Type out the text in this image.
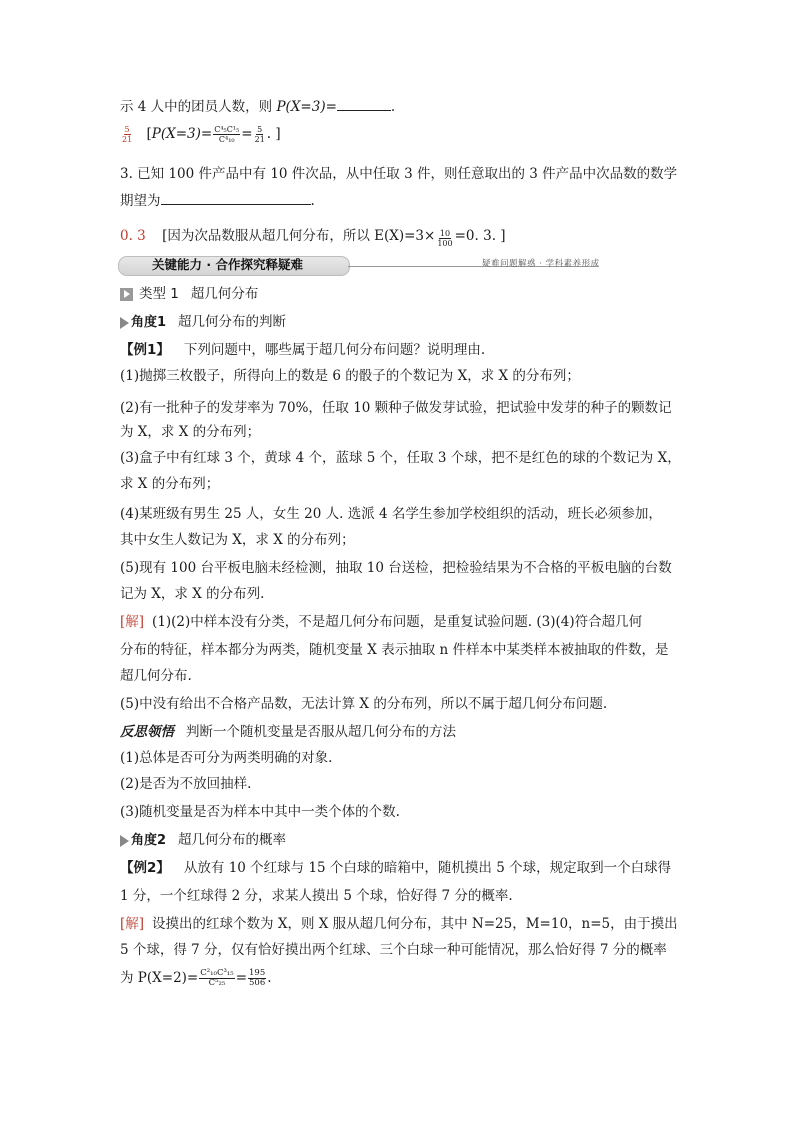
示 4 人中的团员人数，则 P(X=3)=	.
$\frac{5}{21} [P(X=3)= \frac{\text{C⁴₅C¹₅}}{\text{C⁴₁₀}} = \frac{5}{21}$ . ]
3. 已知 100 件产品中有 10 件次品，从中任取 3 件，则任意取出的 3 件产品中次品数的数学
期望为	.
0. 3 [因为次品数服从超几何分布，所以 $E(X)=3\times \frac{10}{100} =0$. 3. ]
关键能力 · 合作探究释疑难	疑难问题解惑 · 学科素养形成
类型 1 超几何分布
角度1 超几何分布的判断
【例1】 下列问题中，哪些属于超几何分布问题？说明理由.
(1)抛掷三枚骰子，所得向上的数是 6 的骰子的个数记为 X，求 X 的分布列；
(2)有一批种子的发芽率为 70%，任取 10 颗种子做发芽试验，把试验中发芽的种子的颗数记
为 X，求 X 的分布列；
(3)盒子中有红球 3 个，黄球 4 个，蓝球 5 个，任取 3 个球，把不是红色的球的个数记为 X，
求 X 的分布列；
(4)某班级有男生 25 人，女生 20 人. 选派 4 名学生参加学校组织的活动，班长必须参加，
其中女生人数记为 X，求 X 的分布列；
(5)现有 100 台平板电脑未经检测，抽取 10 台送检，把检验结果为不合格的平板电脑的台数
记为 X，求 X 的分布列.
[解] (1)(2)中样本没有分类，不是超几何分布问题，是重复试验问题. (3)(4)符合超几何
分布的特征，样本都分为两类，随机变量 X 表示抽取 n 件样本中某类样本被抽取的件数，是
超几何分布.
(5)中没有给出不合格产品数，无法计算 X 的分布列，所以不属于超几何分布问题.
反思领悟 判断一个随机变量是否服从超几何分布的方法
(1)总体是否可分为两类明确的对象.
(2)是否为不放回抽样.
(3)随机变量是否为样本中其中一类个体的个数.
角度2 超几何分布的概率
【例2】 从放有 10 个红球与 15 个白球的暗箱中，随机摸出 5 个球，规定取到一个白球得
1 分，一个红球得 2 分，求某人摸出 5 个球，恰好得 7 分的概率.
[解] 设摸出的红球个数为 X，则 X 服从超几何分布，其中 N=25，M=10，n=5，由于摸出
5 个球，得 7 分，仅有恰好摸出两个红球、三个白球一种可能情况，那么恰好得 7 分的概率
为 $P(X=2)= \frac{\text{C²₁₀C³₁₅}}{\text{C⁵₂₅}} = \frac{195}{506}$ .
